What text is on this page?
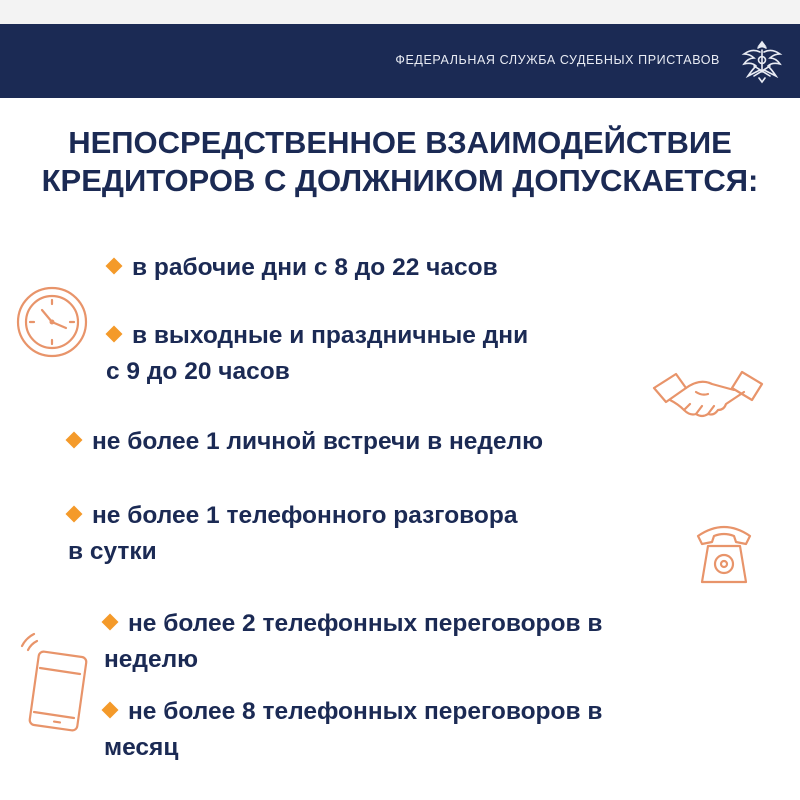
ФЕДЕРАЛЬНАЯ СЛУЖБА СУДЕБНЫХ ПРИСТАВОВ
НЕПОСРЕДСТВЕННОЕ ВЗАИМОДЕЙСТВИЕ
КРЕДИТОРОВ С ДОЛЖНИКОМ ДОПУСКАЕТСЯ:
в рабочие дни с 8 до 22 часов
в выходные и праздничные дни
с 9 до 20 часов
не более 1 личной встречи в неделю
не более 1 телефонного разговора
в сутки
не более 2 телефонных переговоров в
неделю
не более 8 телефонных переговоров в
месяц
